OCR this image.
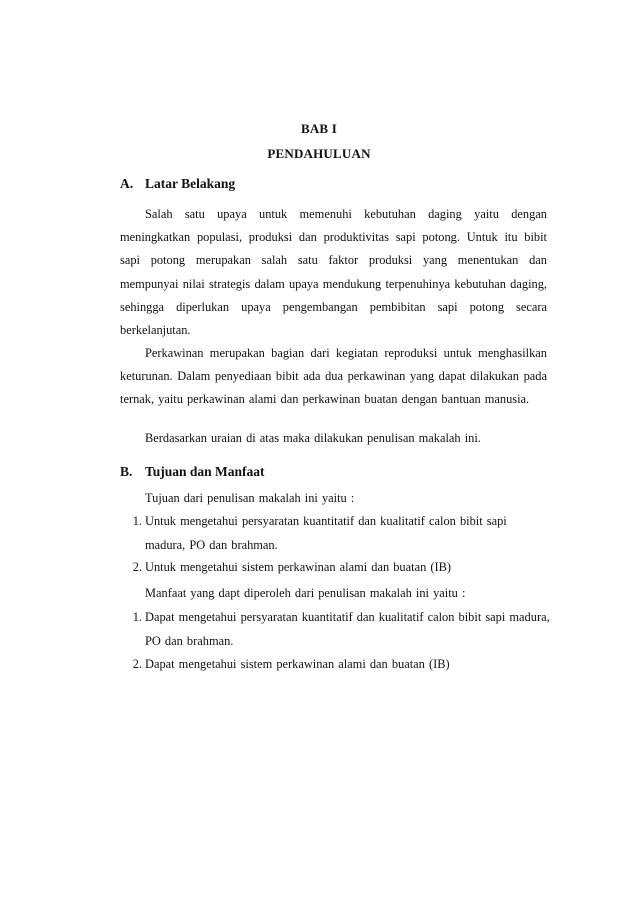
BAB I
PENDAHULUAN
A. Latar Belakang

Salah satu upaya untuk memenuhi kebutuhan daging yaitu dengan meningkatkan populasi, produksi dan produktivitas sapi potong. Untuk itu bibit sapi potong merupakan salah satu faktor produksi yang menentukan dan mempunyai nilai strategis dalam upaya mendukung terpenuhinya kebutuhan daging, sehingga diperlukan upaya pengembangan pembibitan sapi potong secara berkelanjutan.

Perkawinan merupakan bagian dari kegiatan reproduksi untuk menghasilkan keturunan. Dalam penyediaan bibit ada dua perkawinan yang dapat dilakukan pada ternak, yaitu perkawinan alami dan perkawinan buatan dengan bantuan manusia.

Berdasarkan uraian di atas maka dilakukan penulisan makalah ini.

B. Tujuan dan Manfaat
Tujuan dari penulisan makalah ini yaitu :
1. Untuk mengetahui persyaratan kuantitatif dan kualitatif calon bibit sapi madura, PO dan brahman.
2. Untuk mengetahui sistem perkawinan alami dan buatan (IB)
Manfaat yang dapt diperoleh dari penulisan makalah ini yaitu :
1. Dapat mengetahui persyaratan kuantitatif dan kualitatif calon bibit sapi madura, PO dan brahman.
2. Dapat mengetahui sistem perkawinan alami dan buatan (IB)
